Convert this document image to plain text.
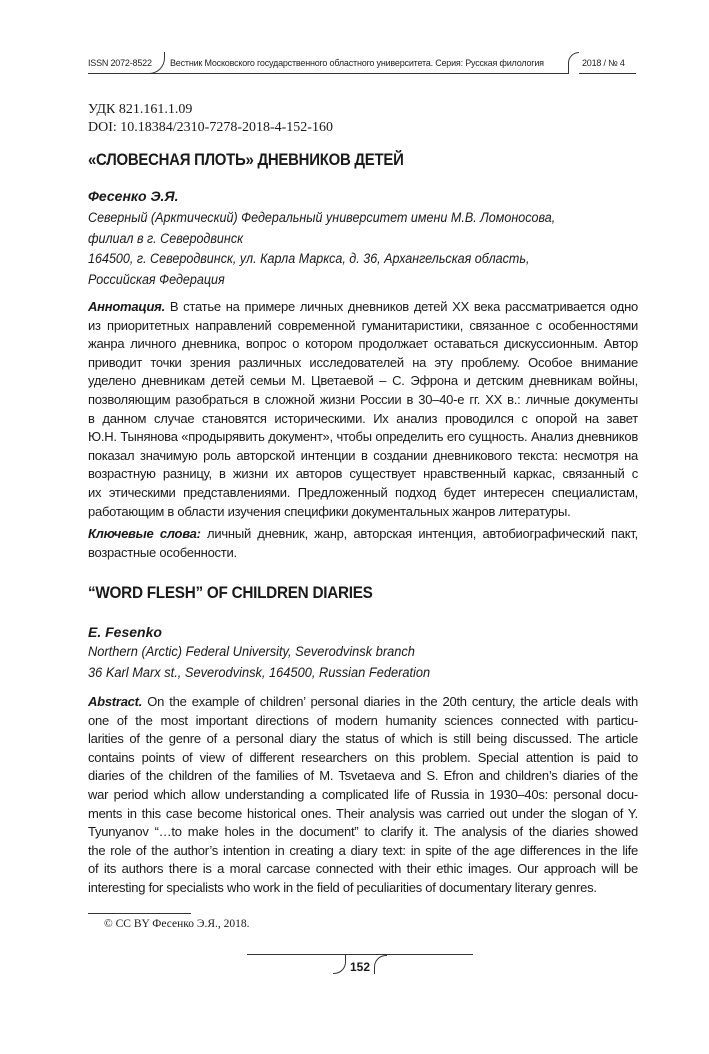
ISSN 2072-8522	Вестник Московского государственного областного университета. Серия: Русская филология	2018 / № 4
УДК 821.161.1.09
DOI: 10.18384/2310-7278-2018-4-152-160
«СЛОВЕСНАЯ ПЛОТЬ» ДНЕВНИКОВ ДЕТЕЙ
Фесенко Э.Я.
Северный (Арктический) Федеральный университет имени М.В. Ломоносова,
филиал в г. Северодвинск
164500, г. Северодвинск, ул. Карла Маркса, д. 36, Архангельская область,
Российская Федерация
Аннотация. В статье на примере личных дневников детей XX века рассматривается одно
из приоритетных направлений современной гуманитаристики, связанное с особенностями
жанра личного дневника, вопрос о котором продолжает оставаться дискуссионным. Автор
приводит точки зрения различных исследователей на эту проблему. Особое внимание
уделено дневникам детей семьи М. Цветаевой – С. Эфрона и детским дневникам войны,
позволяющим разобраться в сложной жизни России в 30–40-е гг. XX в.: личные документы
в данном случае становятся историческими. Их анализ проводился с опорой на завет
Ю.Н. Тынянова «продырявить документ», чтобы определить его сущность. Анализ дневников
показал значимую роль авторской интенции в создании дневникового текста: несмотря на
возрастную разницу, в жизни их авторов существует нравственный каркас, связанный с
их этическими представлениями. Предложенный подход будет интересен специалистам,
работающим в области изучения специфики документальных жанров литературы.
Ключевые слова: личный дневник, жанр, авторская интенция, автобиографический пакт,
возрастные особенности.
“WORD FLESH” OF CHILDREN DIARIES
E. Fesenko
Northern (Arctic) Federal University, Severodvinsk branch
36 Karl Marx st., Severodvinsk, 164500, Russian Federation
Abstract. On the example of children’ personal diaries in the 20th century, the article deals with
one of the most important directions of modern humanity sciences connected with particu-
larities of the genre of a personal diary the status of which is still being discussed. The article
contains points of view of different researchers on this problem. Special attention is paid to
diaries of the children of the families of M. Tsvetaeva and S. Efron and children’s diaries of the
war period which allow understanding a complicated life of Russia in 1930–40s: personal docu-
ments in this case become historical ones. Their analysis was carried out under the slogan of Y.
Tyunyanov “…to make holes in the document” to clarify it. The analysis of the diaries showed
the role of the author’s intention in creating a diary text: in spite of the age differences in the life
of its authors there is a moral carcase connected with their ethic images. Our approach will be
interesting for specialists who work in the field of peculiarities of documentary literary genres.
© CC BY Фесенко Э.Я., 2018.
152
